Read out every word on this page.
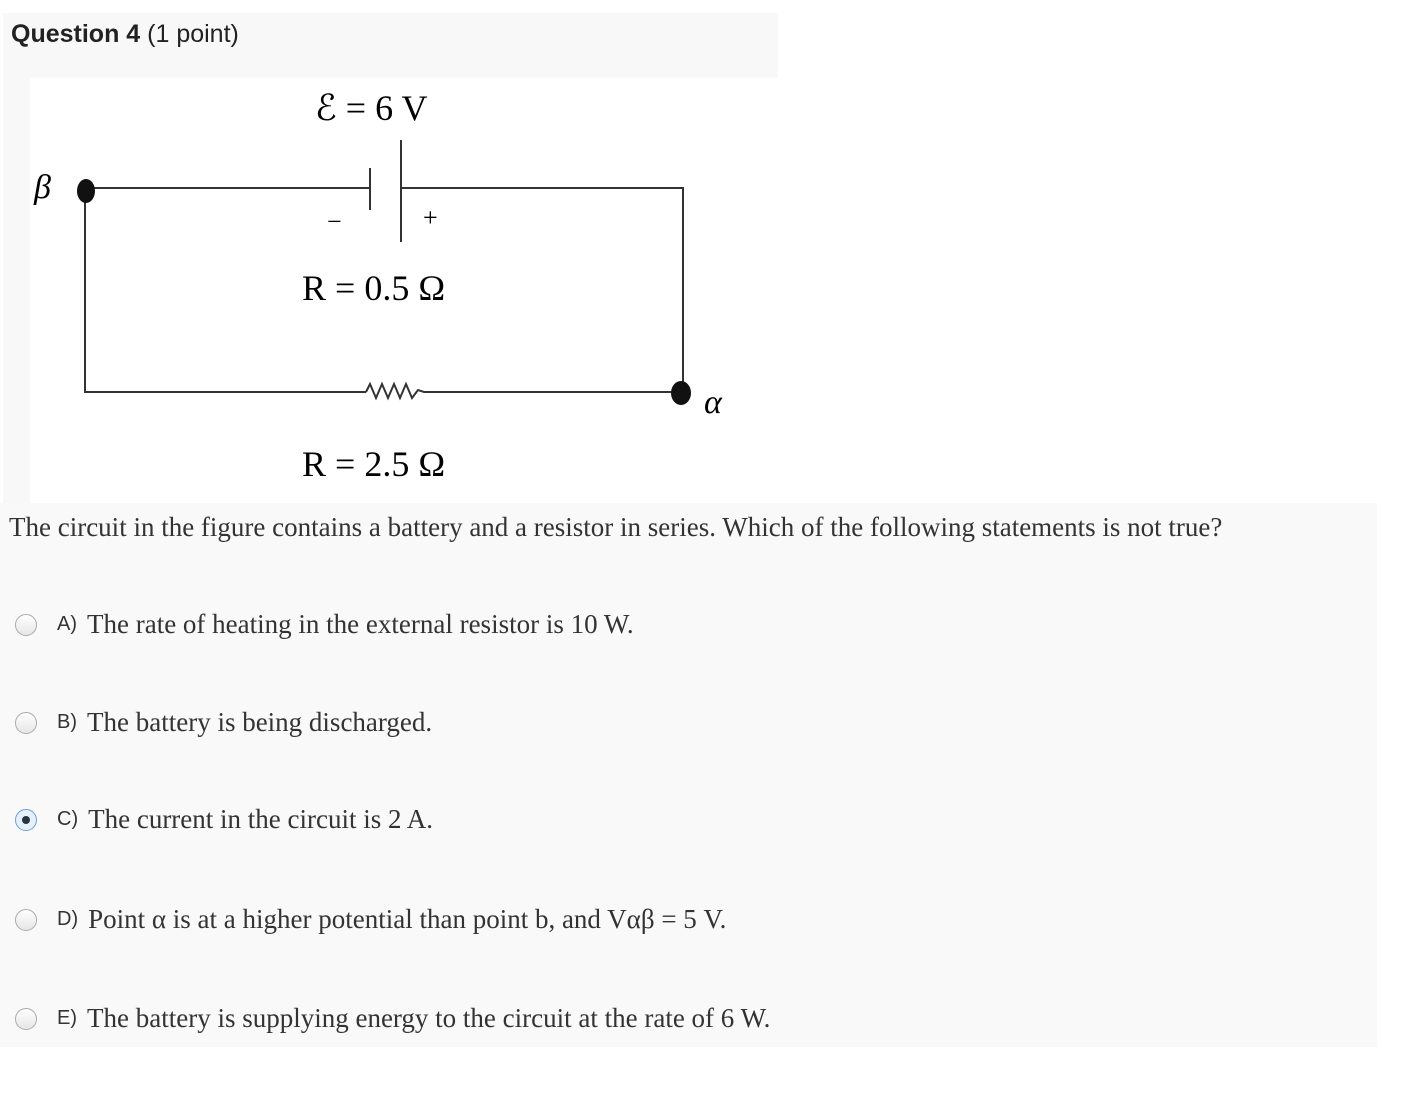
Question 4 (1 point)
ℰ = 6 V
β
α
−	+
R = 0.5 Ω
R = 2.5 Ω
The circuit in the figure contains a battery and a resistor in series. Which of the following statements is not true?
A) The rate of heating in the external resistor is 10 W.
B) The battery is being discharged.
C) The current in the circuit is 2 A.
D) Point α is at a higher potential than point b, and Vαβ = 5 V.
E) The battery is supplying energy to the circuit at the rate of 6 W.
